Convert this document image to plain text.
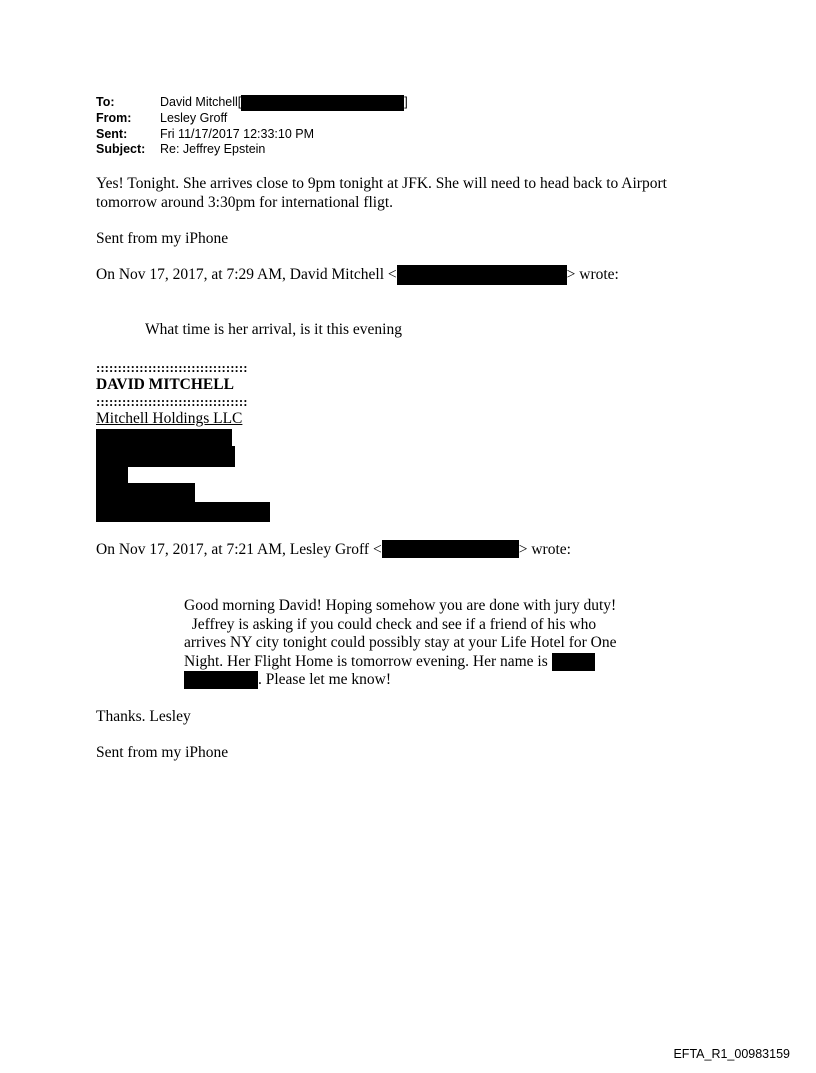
To:	David Mitchell[	]
From:	Lesley Groff
Sent:	Fri 11/17/2017 12:33:10 PM
Subject:	Re: Jeffrey Epstein
Yes! Tonight. She arrives close to 9pm tonight at JFK. She will need to head back to Airport
tomorrow around 3:30pm for international fligt.
Sent from my iPhone
On Nov 17, 2017, at 7:29 AM, David Mitchell <	> wrote:
What time is her arrival, is it this evening
:::::::::::::::::::::::::::::::::::
DAVID MITCHELL
:::::::::::::::::::::::::::::::::::
Mitchell Holdings LLC
On Nov 17, 2017, at 7:21 AM, Lesley Groff <	> wrote:
Good morning David! Hoping somehow you are done with jury duty!
Jeffrey is asking if you could check and see if a friend of his who
arrives NY city tonight could possibly stay at your Life Hotel for One
Night. Her Flight Home is tomorrow evening. Her name is
. Please let me know!
Thanks. Lesley
Sent from my iPhone
EFTA_R1_00983159
